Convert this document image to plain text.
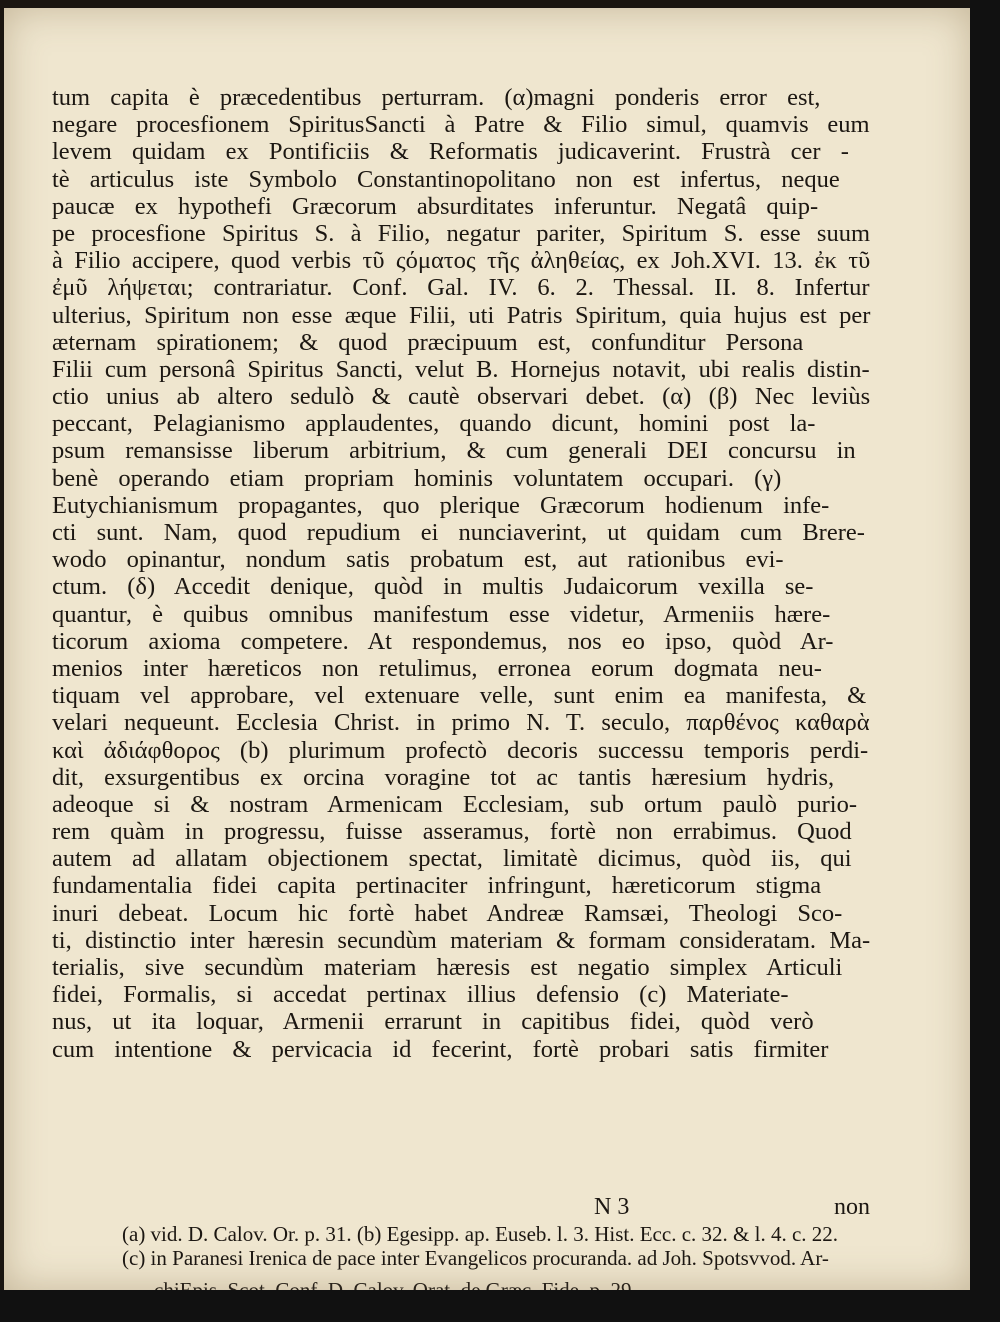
tum capita è præcedentibus perturram. (α)magni ponderis error est,
negare procesfionem SpiritusSancti à Patre & Filio simul, quamvis eum
levem quidam ex Pontificiis & Reformatis judicaverint. Frustrà cer -
tè articulus iste Symbolo Constantinopolitano non est infertus, neque
paucæ ex hypothefi Græcorum absurditates inferuntur. Negatâ quip-
pe procesfione Spiritus S. à Filio, negatur pariter, Spiritum S. esse suum
à Filio accipere, quod verbis τῦ ςόματος τῆς ἀληθείας, ex Joh.XVI. 13. ἐκ τῦ
ἐμῦ λήψεται; contrariatur. Conf. Gal. IV. 6. 2. Thessal. II. 8. Infertur
ulterius, Spiritum non esse æque Filii, uti Patris Spiritum, quia hujus est per
æternam spirationem; & quod præcipuum est, confunditur Persona
Filii cum personâ Spiritus Sancti, velut B. Hornejus notavit, ubi realis distin-
ctio unius ab altero sedulò & cautè observari debet. (α) (β) Nec leviùs
peccant, Pelagianismo applaudentes, quando dicunt, homini post la-
psum remansisse liberum arbitrium, & cum generali DEI concursu in
benè operando etiam propriam hominis voluntatem occupari. (γ)
Eutychianismum propagantes, quo plerique Græcorum hodienum infe-
cti sunt. Nam, quod repudium ei nunciaverint, ut quidam cum Brere-
wodo opinantur, nondum satis probatum est, aut rationibus evi-
ctum. (δ) Accedit denique, quòd in multis Judaicorum vexilla se-
quantur, è quibus omnibus manifestum esse videtur, Armeniis hære-
ticorum axioma competere. At respondemus, nos eo ipso, quòd Ar-
menios inter hæreticos non retulimus, erronea eorum dogmata neu-
tiquam vel approbare, vel extenuare velle, sunt enim ea manifesta, &
velari nequeunt. Ecclesia Christ. in primo N. T. seculo, παρθένος καθαρὰ
καὶ ἀδιάφθορος (b) plurimum profectò decoris successu temporis perdi-
dit, exsurgentibus ex orcina voragine tot ac tantis hæresium hydris,
adeoque si & nostram Armenicam Ecclesiam, sub ortum paulò purio-
rem quàm in progressu, fuisse asseramus, fortè non errabimus. Quod
autem ad allatam objectionem spectat, limitatè dicimus, quòd iis, qui
fundamentalia fidei capita pertinaciter infringunt, hæreticorum stigma
inuri debeat. Locum hic fortè habet Andreæ Ramsæi, Theologi Sco-
ti, distinctio inter hæresin secundùm materiam & formam consideratam. Ma-
terialis, sive secundùm materiam hæresis est negatio simplex Articuli
fidei, Formalis, si accedat pertinax illius defensio (c) Materiate-
nus, ut ita loquar, Armenii errarunt in capitibus fidei, quòd verò
cum intentione & pervicacia id fecerint, fortè probari satis firmiter
N 3	non
(a) vid. D. Calov. Or. p. 31. (b) Egesipp. ap. Euseb. l. 3. Hist. Ecc. c. 32. & l. 4. c. 22.
(c) in Paranesi Irenica de pace inter Evangelicos procuranda. ad Joh. Spotsvvod. Ar-
